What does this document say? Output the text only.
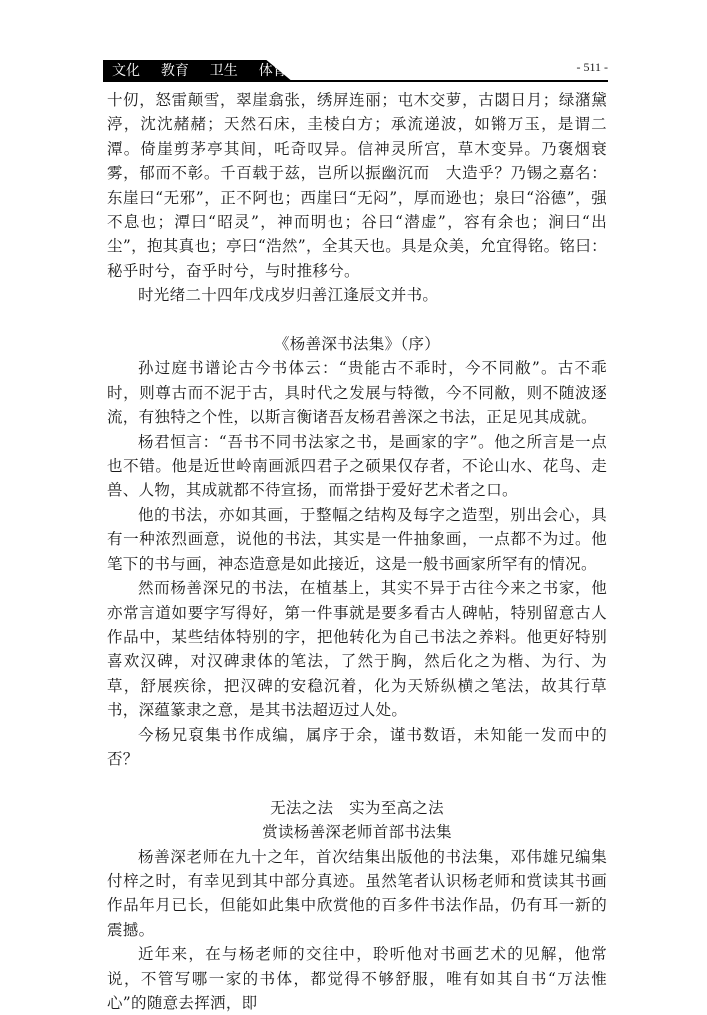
文化  教育  卫生  体育	- 511 -

十仞，怒雷颠雪，翠崖翕张，绣屏连丽；屯木交萝，古閟日月；绿潴黛渟，沈沈赭赭；天然石床，圭棱白方；承流递波，如锵万玉，是谓二潭。倚崖剪茅亭其间，吒奇叹异。信神灵所宫，草木变异。乃褒烟衰雾，郁而不彰。千百载于兹，岂所以振幽沉而　大造乎？乃锡之嘉名：东崖曰“无邪”，正不阿也；西崖曰“无闷”，厚而逊也；泉曰“浴德”，强不息也；潭曰“昭灵”，神而明也；谷曰“潜虚”，容有余也；涧曰“出尘”，抱其真也；亭曰“浩然”，全其天也。具是众美，允宜得铭。铭曰：秘乎时兮，奋乎时兮，与时推移兮。

时光绪二十四年戊戌岁归善江逢辰文并书。

《杨善深书法集》（序）

孙过庭书谱论古今书体云：“贵能古不乖时，今不同敝”。古不乖时，则尊古而不泥于古，具时代之发展与特徵，今不同敝，则不随波逐流，有独特之个性，以斯言衡诸吾友杨君善深之书法，正足见其成就。

杨君恒言：“吾书不同书法家之书，是画家的字”。他之所言是一点也不错。他是近世岭南画派四君子之硕果仅存者，不论山水、花鸟、走兽、人物，其成就都不待宣扬，而常掛于爱好艺术者之口。

他的书法，亦如其画，于整幅之结构及每字之造型，别出会心，具有一种浓烈画意，说他的书法，其实是一件抽象画，一点都不为过。他笔下的书与画，神态造意是如此接近，这是一般书画家所罕有的情况。

然而杨善深兄的书法，在植基上，其实不异于古往今来之书家，他亦常言道如要字写得好，第一件事就是要多看古人碑帖，特别留意古人作品中，某些结体特别的字，把他转化为自己书法之养料。他更好特别喜欢汉碑，对汉碑隶体的笔法，了然于胸，然后化之为楷、为行、为草，舒展疾徐，把汉碑的安稳沉着，化为天矫纵横之笔法，故其行草书，深蕴篆隶之意，是其书法超迈过人处。

今杨兄裒集书作成编，属序于余，谨书数语，未知能一发而中的否？

无法之法　实为至高之法

赏读杨善深老师首部书法集

杨善深老师在九十之年，首次结集出版他的书法集，邓伟雄兄编集付梓之时，有幸见到其中部分真迹。虽然笔者认识杨老师和赏读其书画作品年月已长，但能如此集中欣赏他的百多件书法作品，仍有耳一新的震撼。

近年来，在与杨老师的交往中，聆听他对书画艺术的见解，他常说，不管写哪一家的书体，都觉得不够舒服，唯有如其自书“万法惟心”的随意去挥洒，即
